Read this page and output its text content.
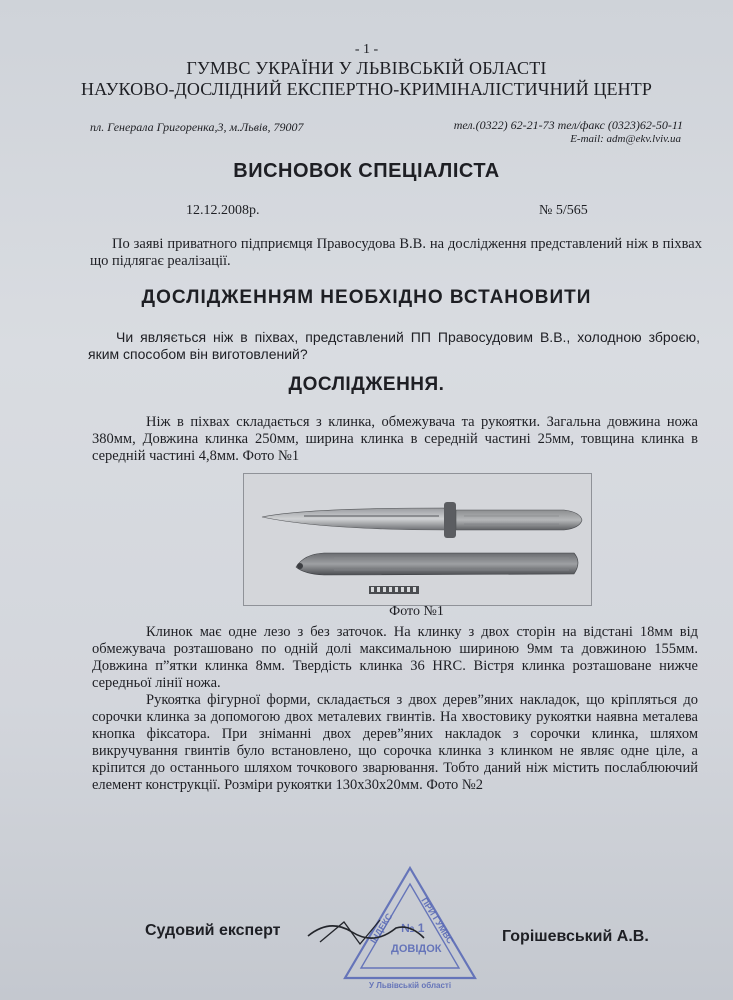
- 1 -
ГУМВС УКРАЇНИ У ЛЬВІВСЬКІЙ ОБЛАСТІ
НАУКОВО-ДОСЛІДНИЙ ЕКСПЕРТНО-КРИМІНАЛІСТИЧНИЙ ЦЕНТР
пл. Генерала Григоренка,3, м.Львів, 79007	тел.(0322) 62-21-73 тел/факс (0323)62-50-11
E-mail: adm@ekv.lviv.ua
ВИСНОВОК СПЕЦІАЛІСТА
12.12.2008р.	№ 5/565
По заяві приватного підприємця Правосудова В.В. на дослідження представлений ніж в піхвах що підлягає реалізації.
ДОСЛІДЖЕННЯМ НЕОБХІДНО ВСТАНОВИТИ
Чи являється ніж в піхвах, представлений ПП Правосудовим В.В., холодною зброєю, яким способом він виготовлений?
ДОСЛІДЖЕННЯ.
Ніж в піхвах складається з клинка, обмежувача та рукоятки. Загальна довжина ножа 380мм, Довжина клинка 250мм, ширина клинка в середній частині 25мм, товщина клинка в середній частині 4,8мм. Фото №1
Фото №1
Клинок має одне лезо з без заточок. На клинку з двох сторін на відстані 18мм від обмежувача розташовано по одній долі максимальною шириною 9мм та довжиною 155мм. Довжина п”ятки клинка 8мм. Твердість клинка 36 HRC. Вістря клинка розташоване нижче середньої лінії ножа.
Рукоятка фігурної форми, складається з двох дерев”яних накладок, що кріпляться до сорочки клинка за допомогою двох металевих гвинтів. На хвостовику рукоятки наявна металева кнопка фіксатора. При зніманні двох дерев”яних накладок з сорочки клинка, шляхом викручування гвинтів було встановлено, що сорочка клинка з клинком не являє одне ціле, а кріпится до останнього шляхом точкового зварювання. Тобто даний ніж містить послаблюючий елемент конструкції. Розміри рукоятки 130х30х20мм. Фото №2
Судовий експерт	Горішевський А.В.
ПРИ ГУМВС
ІНДЕКС № 1
ДОВІДОК
У Львівській області
